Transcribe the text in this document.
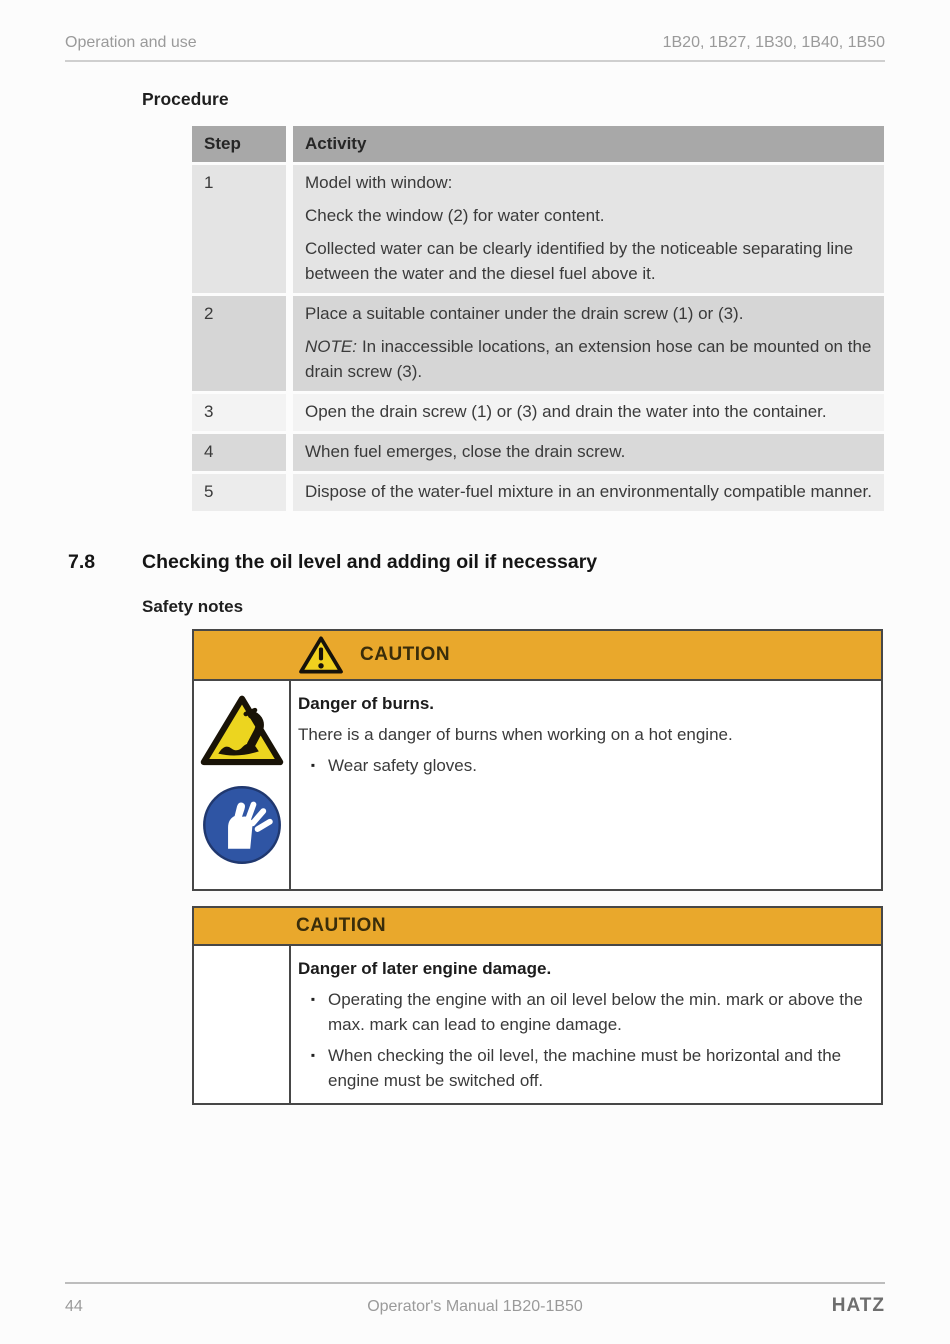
Operation and use	1B20, 1B27, 1B30, 1B40, 1B50
Procedure
Step	Activity
1	Model with window:

Check the window (2) for water content.

Collected water can be clearly identified by the noticeable separating line between the water and the diesel fuel above it.

2	Place a suitable container under the drain screw (1) or (3).

NOTE: In inaccessible locations, an extension hose can be mounted on the drain screw (3).

3	Open the drain screw (1) or (3) and drain the water into the container.

4	When fuel emerges, close the drain screw.

5	Dispose of the water-fuel mixture in an environmentally compatible manner.

7.8	Checking the oil level and adding oil if necessary
Safety notes
CAUTION

Danger of burns.

There is a danger of burns when working on a hot engine.

▪ Wear safety gloves.
CAUTION

Danger of later engine damage.

▪ Operating the engine with an oil level below the min. mark or above the max. mark can lead to engine damage.
▪ When checking the oil level, the machine must be horizontal and the engine must be switched off.
44	Operator's Manual 1B20-1B50	HATZ
